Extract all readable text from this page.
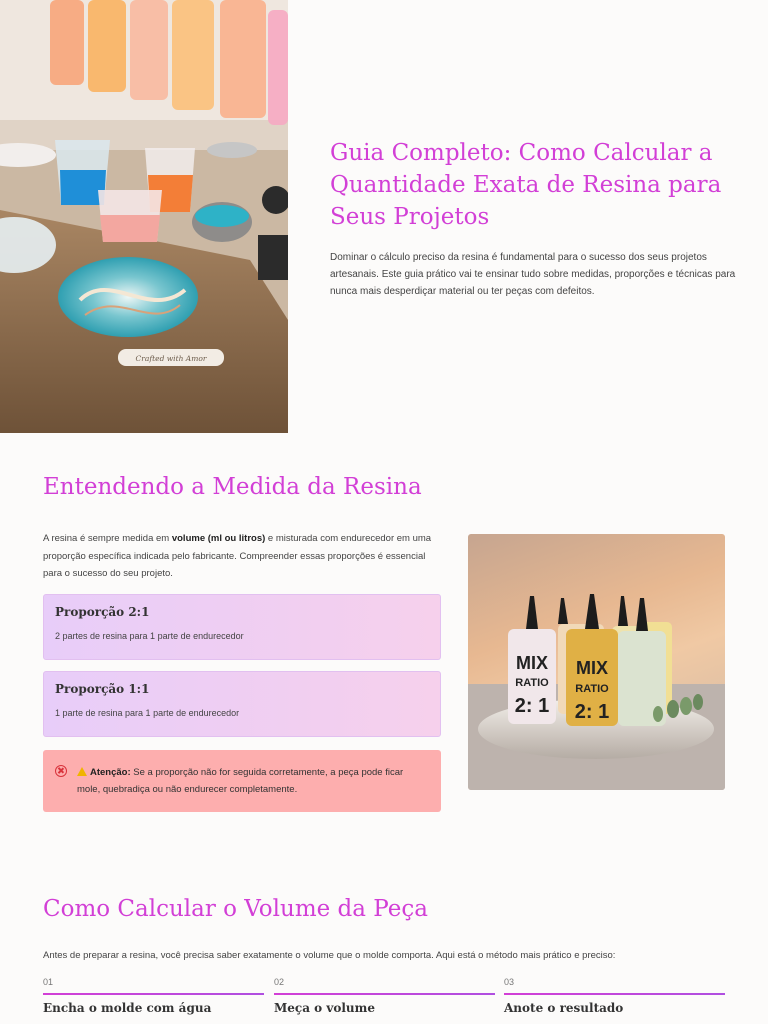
Crafted with Amor
Guia Completo: Como Calcular a Quantidade Exata de Resina para Seus Projetos

Dominar o cálculo preciso da resina é fundamental para o sucesso dos seus projetos artesanais. Este guia prático vai te ensinar tudo sobre medidas, proporções e técnicas para nunca mais desperdiçar material ou ter peças com defeitos.

Entendendo a Medida da Resina

A resina é sempre medida em volume (ml ou litros) e misturada com endurecedor em uma proporção específica indicada pelo fabricante. Compreender essas proporções é essencial para o sucesso do seu projeto.

Proporção 2:1
2 partes de resina para 1 parte de endurecedor
Proporção 1:1
1 parte de resina para 1 parte de endurecedor

Atenção: Se a proporção não for seguida corretamente, a peça pode ficar mole, quebradiça ou não endurecer completamente.

MIX
RATIO
2: 1
MIX
RATIO
2: 1
Como Calcular o Volume da Peça

Antes de preparar a resina, você precisa saber exatamente o volume que o molde comporta. Aqui está o método mais prático e preciso:

01
Encha o molde com água
02
Meça o volume
03
Anote o resultado
